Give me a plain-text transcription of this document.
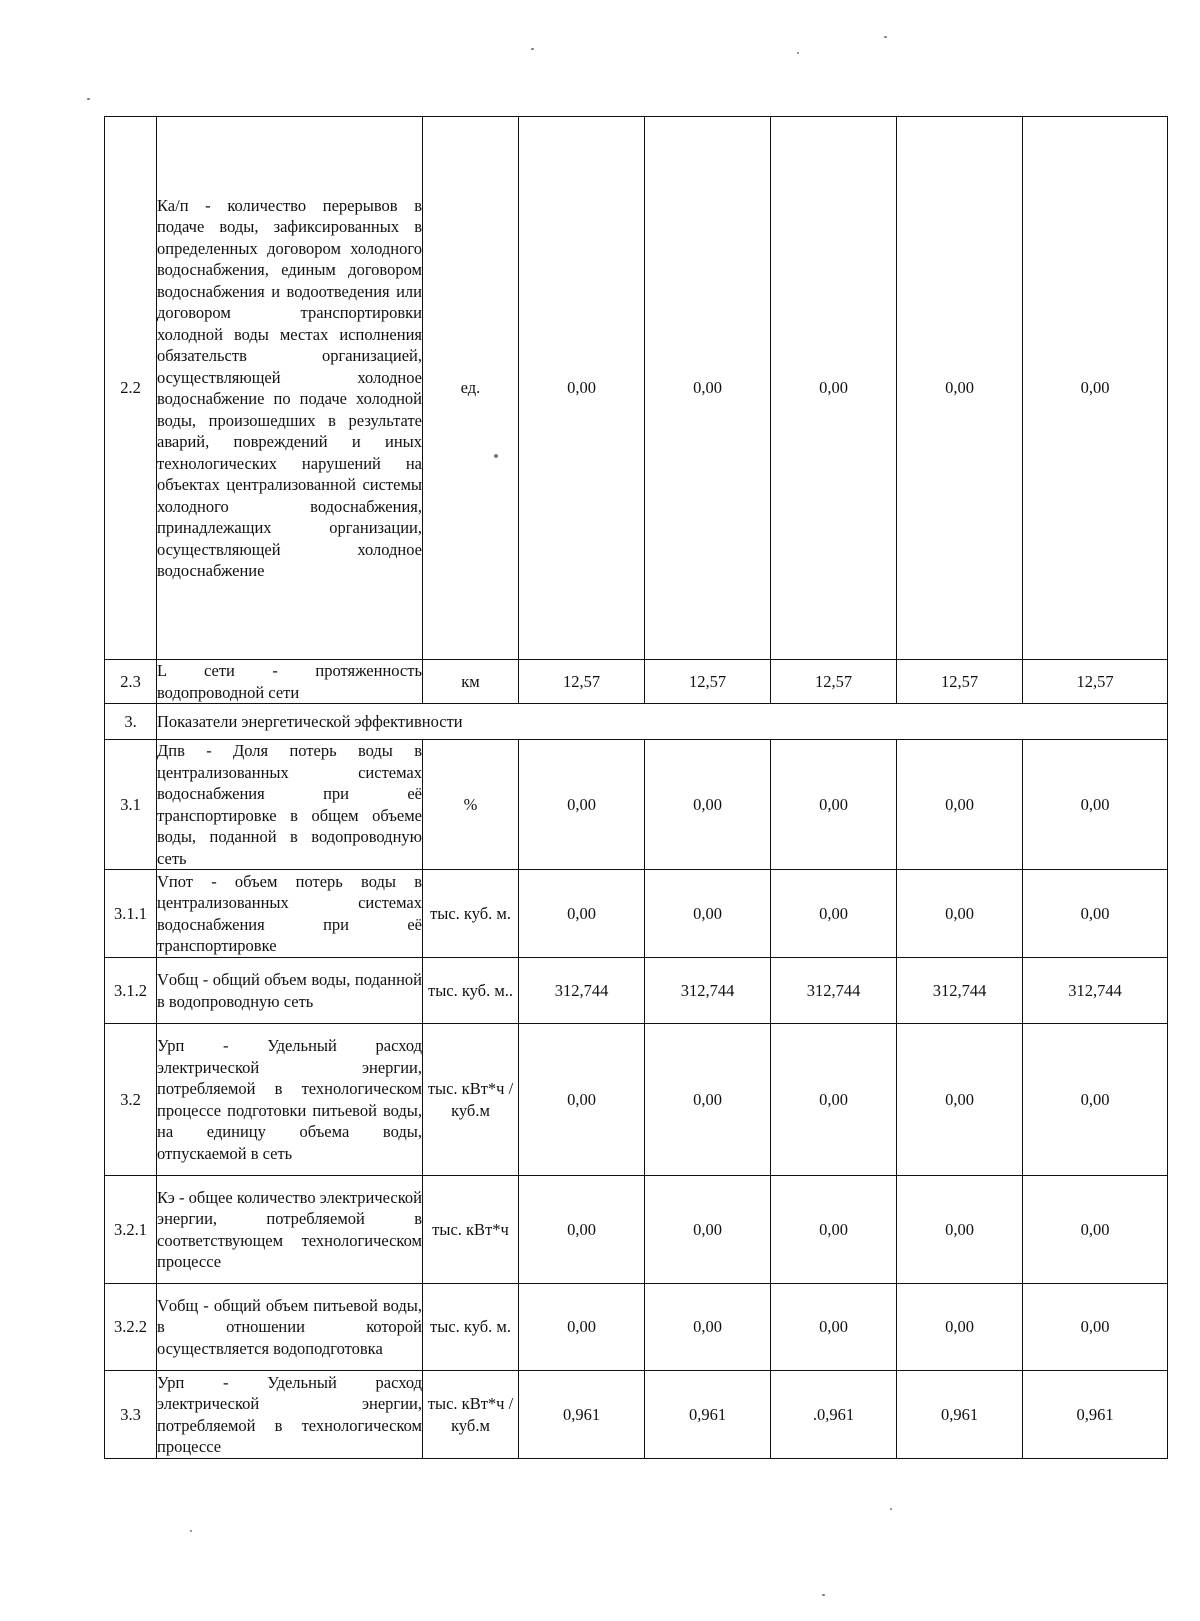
2.2	Ка/п - количество перерывов в подаче воды, зафиксированных в определенных договором холодного водоснабжения, единым договором водоснабжения и водоотведения или договором транспортировки холодной воды местах исполнения обязательств организацией, осуществляющей холодное водоснабжение по подаче холодной воды, произошедших в результате аварий, повреждений и иных технологических нарушений на объектах централизованной системы холодного водоснабжения, принадлежащих организации, осуществляющей холодное водоснабжение	ед.	0,00	0,00	0,00	0,00	0,00
2.3	L сети - протяженность водопроводной сети	км	12,57	12,57	12,57	12,57	12,57
3.	Показатели энергетической эффективности						
3.1	Дпв - Доля потерь воды в централизованных системах водоснабжения при её транспортировке в общем объеме воды, поданной в водопроводную сеть	%	0,00	0,00	0,00	0,00	0,00
3.1.1	Vпот - объем потерь воды в централизованных системах водоснабжения при её транспортировке	тыс. куб. м.	0,00	0,00	0,00	0,00	0,00
3.1.2	Vобщ - общий объем воды, поданной в водопроводную сеть	тыс. куб. м..	312,744	312,744	312,744	312,744	312,744
3.2	Урп - Удельный расход электрической энергии, потребляемой в технологическом процессе подготовки питьевой воды, на единицу объема воды, отпускаемой в сеть	тыс. кВт*ч /куб.м	0,00	0,00	0,00	0,00	0,00
3.2.1	Кэ - общее количество электрической энергии, потребляемой в соответствующем технологическом процессе	тыс. кВт*ч	0,00	0,00	0,00	0,00	0,00
3.2.2	Vобщ - общий объем питьевой воды, в отношении которой осуществляется водоподготовка	тыс. куб. м.	0,00	0,00	0,00	0,00	0,00
3.3	Урп - Удельный расход электрической энергии, потребляемой в технологическом процессе	тыс. кВт*ч /куб.м	0,961	0,961	.0,961	0,961	0,961
